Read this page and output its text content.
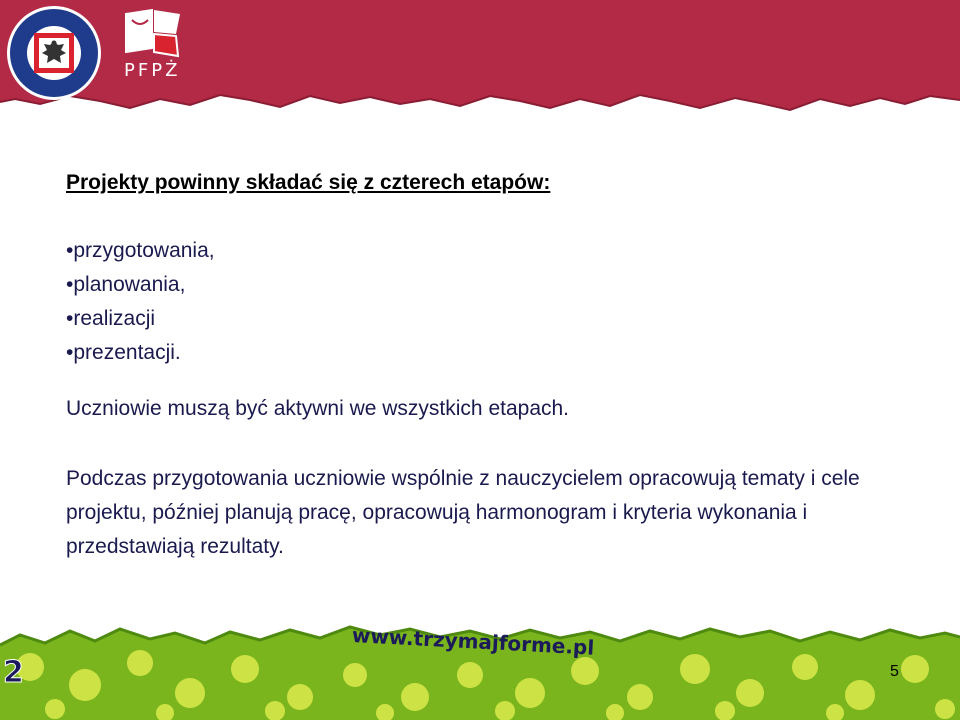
PFPŻ
Projekty powinny składać się z czterech etapów:
• przygotowania,
• planowania,
• realizacji
• prezentacji.
Uczniowie muszą być aktywni we wszystkich etapach.
Podczas przygotowania uczniowie wspólnie z nauczycielem opracowują tematy i cele projektu, później planują pracę, opracowują harmonogram i kryteria wykonania i przedstawiają rezultaty.
2
www.trzymajforme.pl
5
